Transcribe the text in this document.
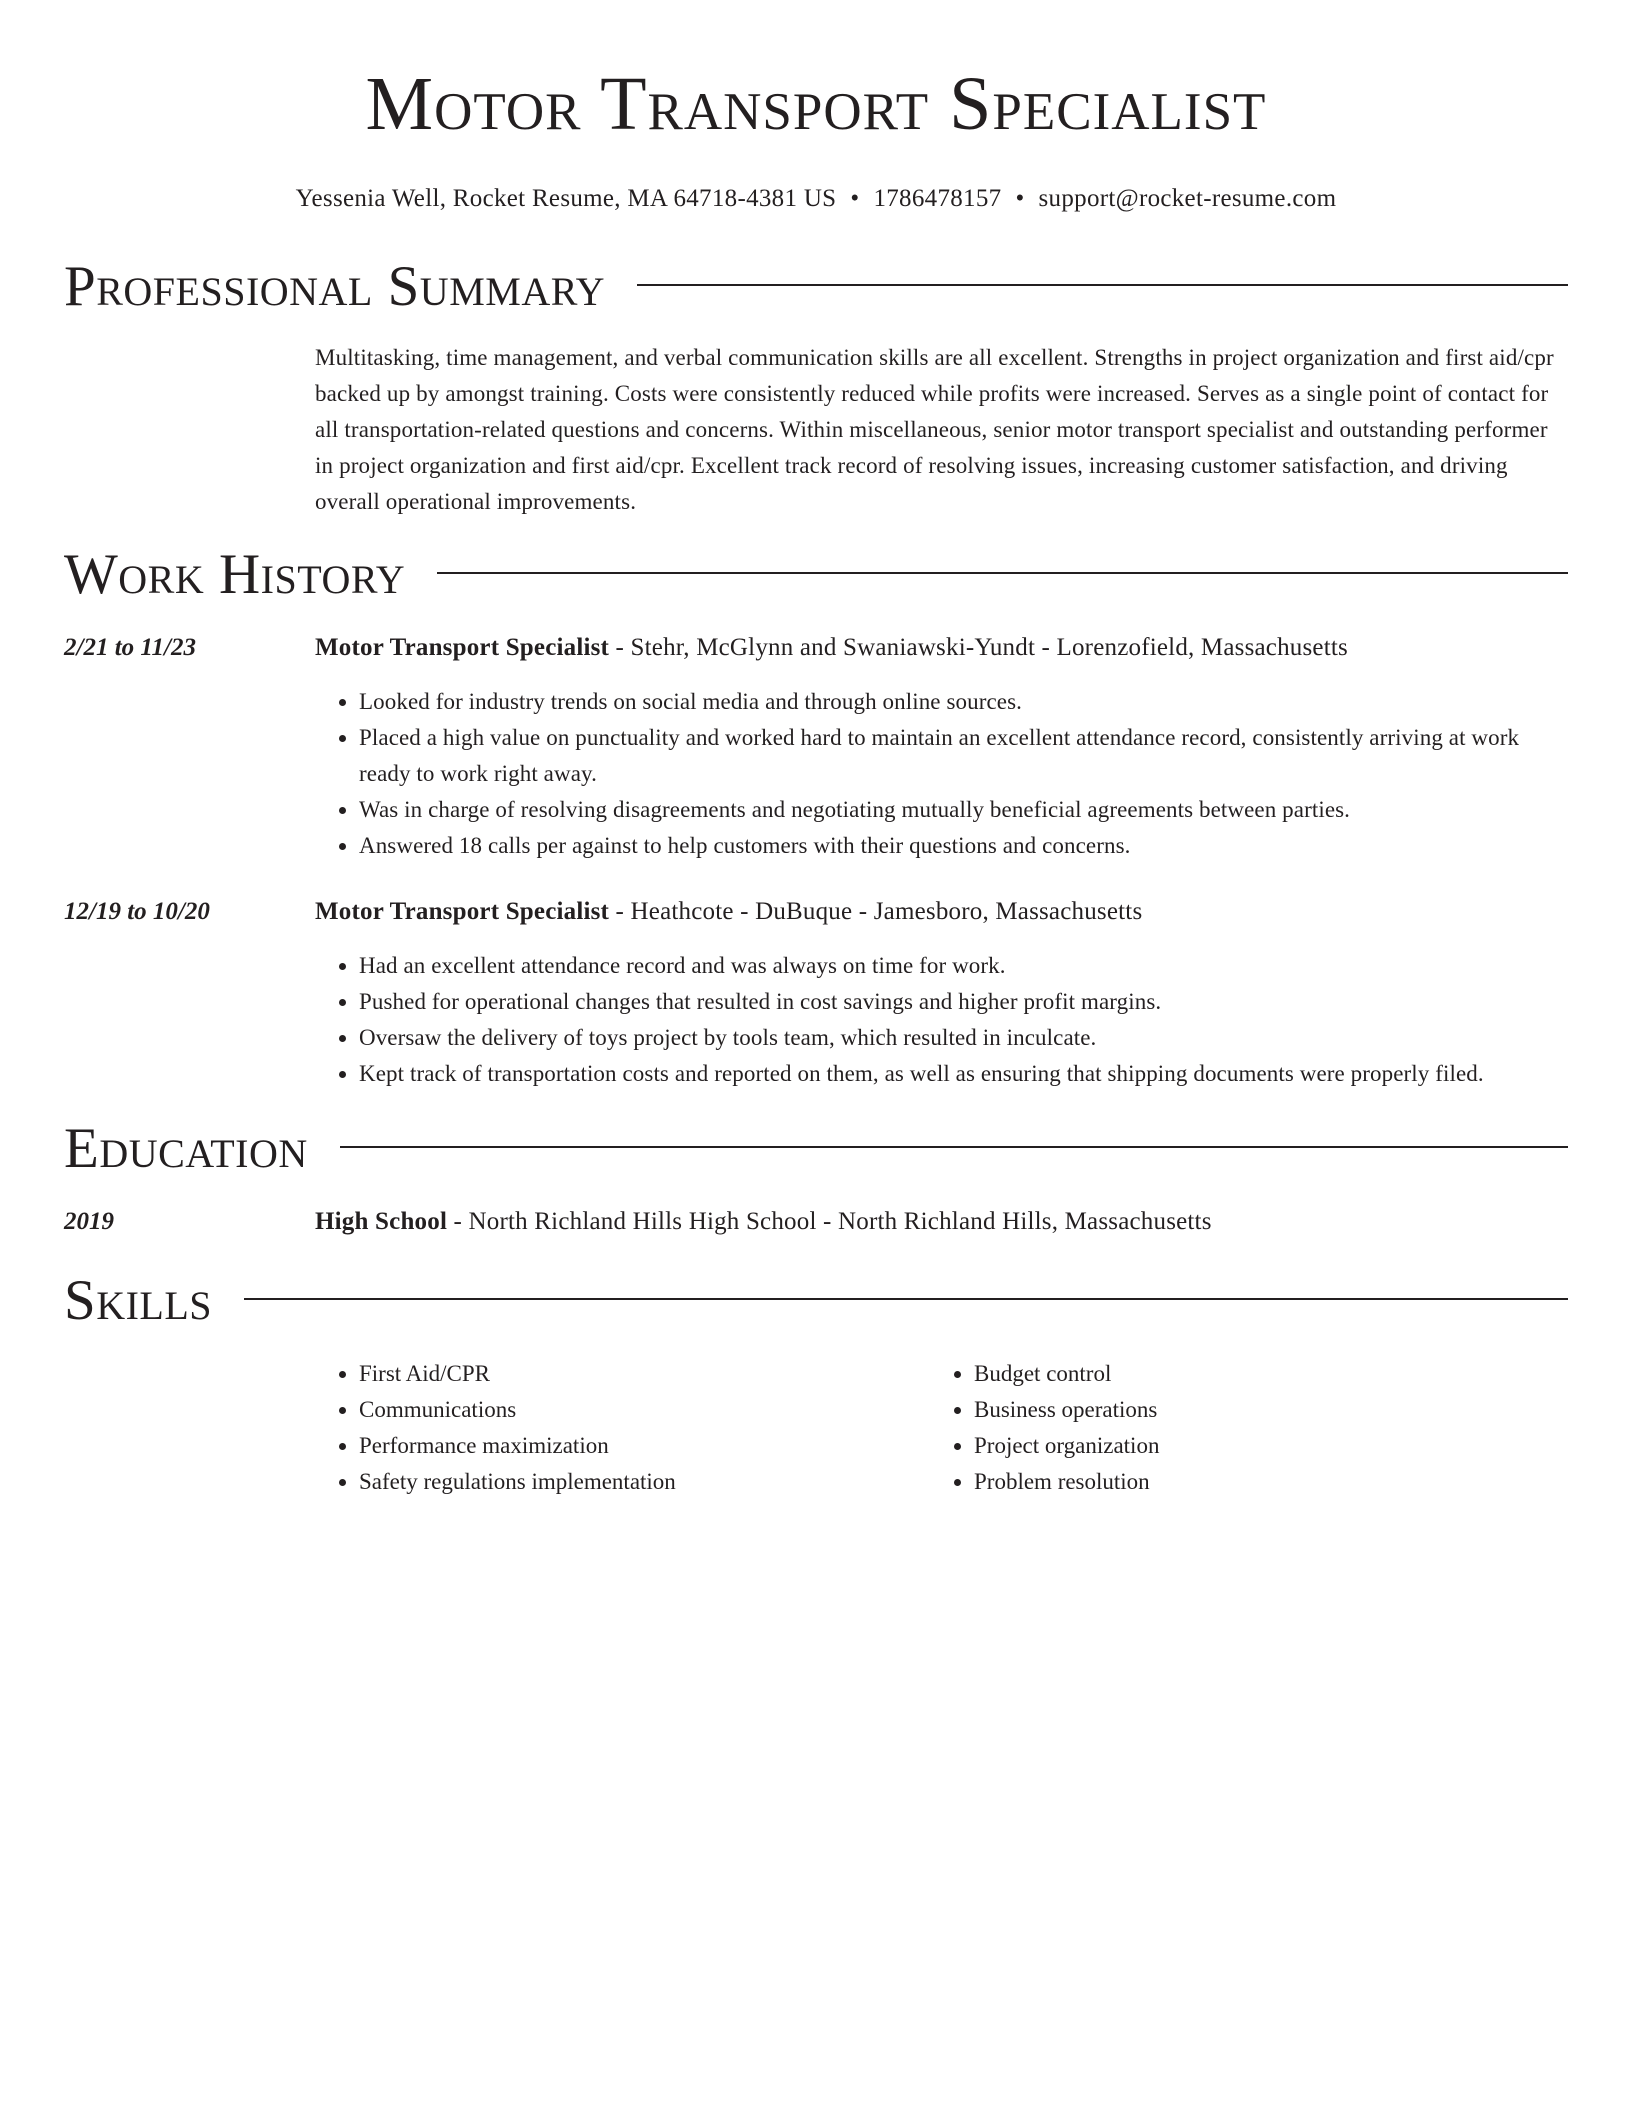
Motor Transport Specialist
Yessenia Well, Rocket Resume, MA 64718-4381 US • 1786478157 • support@rocket-resume.com
Professional Summary

Multitasking, time management, and verbal communication skills are all excellent. Strengths in project organization and first aid/cpr backed up by amongst training. Costs were consistently reduced while profits were increased. Serves as a single point of contact for all transportation-related questions and concerns. Within miscellaneous, senior motor transport specialist and outstanding performer in project organization and first aid/cpr. Excellent track record of resolving issues, increasing customer satisfaction, and driving overall operational improvements.

Work History
2/21 to 11/23	Motor Transport Specialist - Stehr, McGlynn and Swaniawski-Yundt - Lorenzofield, Massachusetts
• Looked for industry trends on social media and through online sources.
• Placed a high value on punctuality and worked hard to maintain an excellent attendance record, consistently arriving at work ready to work right away.
• Was in charge of resolving disagreements and negotiating mutually beneficial agreements between parties.
• Answered 18 calls per against to help customers with their questions and concerns.
12/19 to 10/20	Motor Transport Specialist - Heathcote - DuBuque - Jamesboro, Massachusetts
• Had an excellent attendance record and was always on time for work.
• Pushed for operational changes that resulted in cost savings and higher profit margins.
• Oversaw the delivery of toys project by tools team, which resulted in inculcate.
• Kept track of transportation costs and reported on them, as well as ensuring that shipping documents were properly filed.
Education
2019	High School - North Richland Hills High School - North Richland Hills, Massachusetts
Skills
• First Aid/CPR
• Communications
• Performance maximization
• Safety regulations implementation
• Budget control
• Business operations
• Project organization
• Problem resolution
